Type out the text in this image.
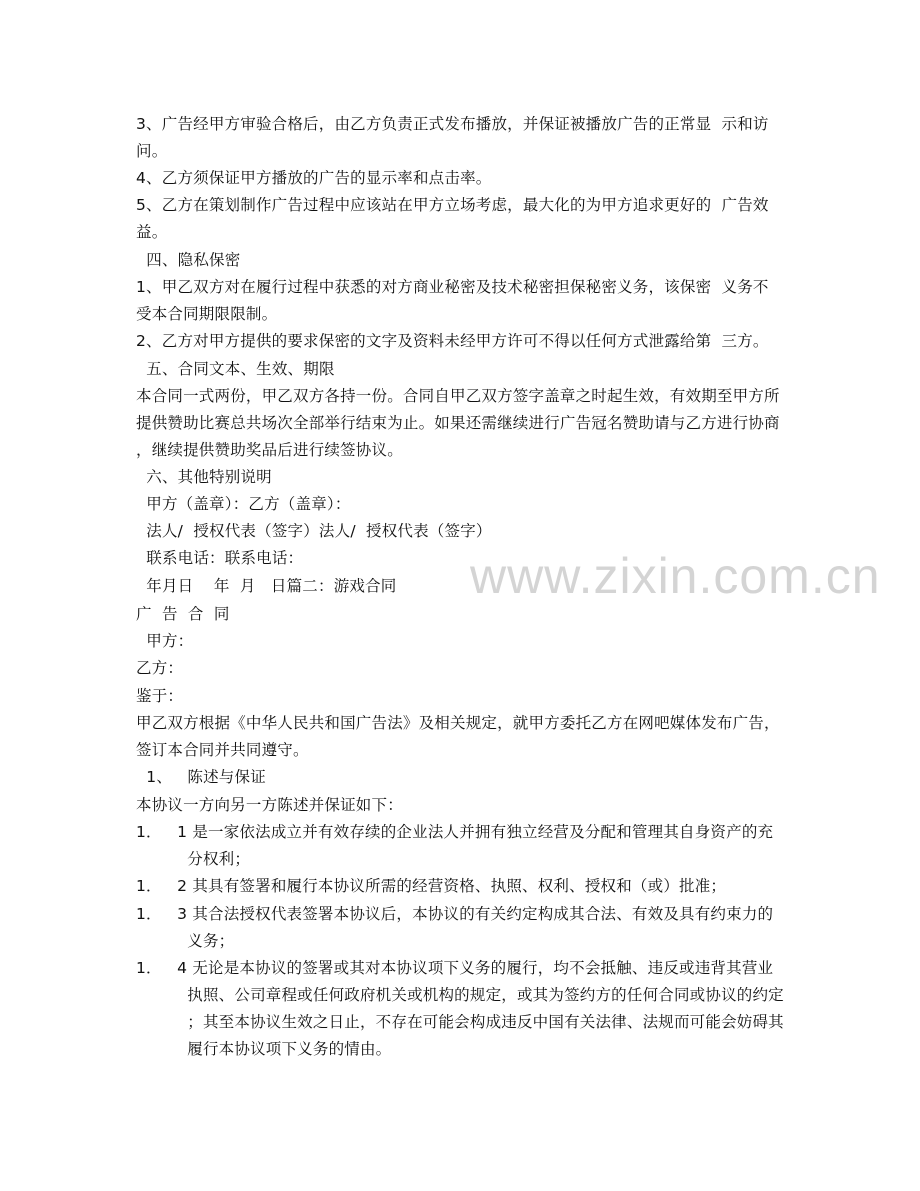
www.zixin.com.cn
3、广告经甲方审验合格后，由乙方负责正式发布播放，并保证被播放广告的正常显  示和访
问。
4、乙方须保证甲方播放的广告的显示率和点击率。
5、乙方在策划制作广告过程中应该站在甲方立场考虑，最大化的为甲方追求更好的  广告效
益。
四、隐私保密
1、甲乙双方对在履行过程中获悉的对方商业秘密及技术秘密担保秘密义务，该保密  义务不
受本合同期限限制。
2、乙方对甲方提供的要求保密的文字及资料未经甲方许可不得以任何方式泄露给第  三方。
五、合同文本、生效、期限
本合同一式两份，甲乙双方各持一份。合同自甲乙双方签字盖章之时起生效，有效期至甲方所
提供赞助比赛总共场次全部举行结束为止。如果还需继续进行广告冠名赞助请与乙方进行协商
，继续提供赞助奖品后进行续签协议。
六、其他特别说明
甲方（盖章）：乙方（盖章）：
法人/  授权代表（签字）法人/  授权代表（签字）
联系电话：联系电话：
年月日    年  月   日篇二：游戏合同
广  告  合  同
甲方：
乙方：
鉴于：
甲乙双方根据《中华人民共和国广告法》及相关规定，就甲方委托乙方在网吧媒体发布广告，
签订本合同并共同遵守。
1、   陈述与保证
本协议一方向另一方陈述并保证如下：
1．   1 是一家依法成立并有效存续的企业法人并拥有独立经营及分配和管理其自身资产的充
分权利；
1．   2 其具有签署和履行本协议所需的经营资格、执照、权利、授权和（或）批准；
1．   3 其合法授权代表签署本协议后，本协议的有关约定构成其合法、有效及具有约束力的
义务；
1．   4 无论是本协议的签署或其对本协议项下义务的履行，均不会抵触、违反或违背其营业
执照、公司章程或任何政府机关或机构的规定，或其为签约方的任何合同或协议的约定
；其至本协议生效之日止，不存在可能会构成违反中国有关法律、法规而可能会妨碍其
履行本协议项下义务的情由。
